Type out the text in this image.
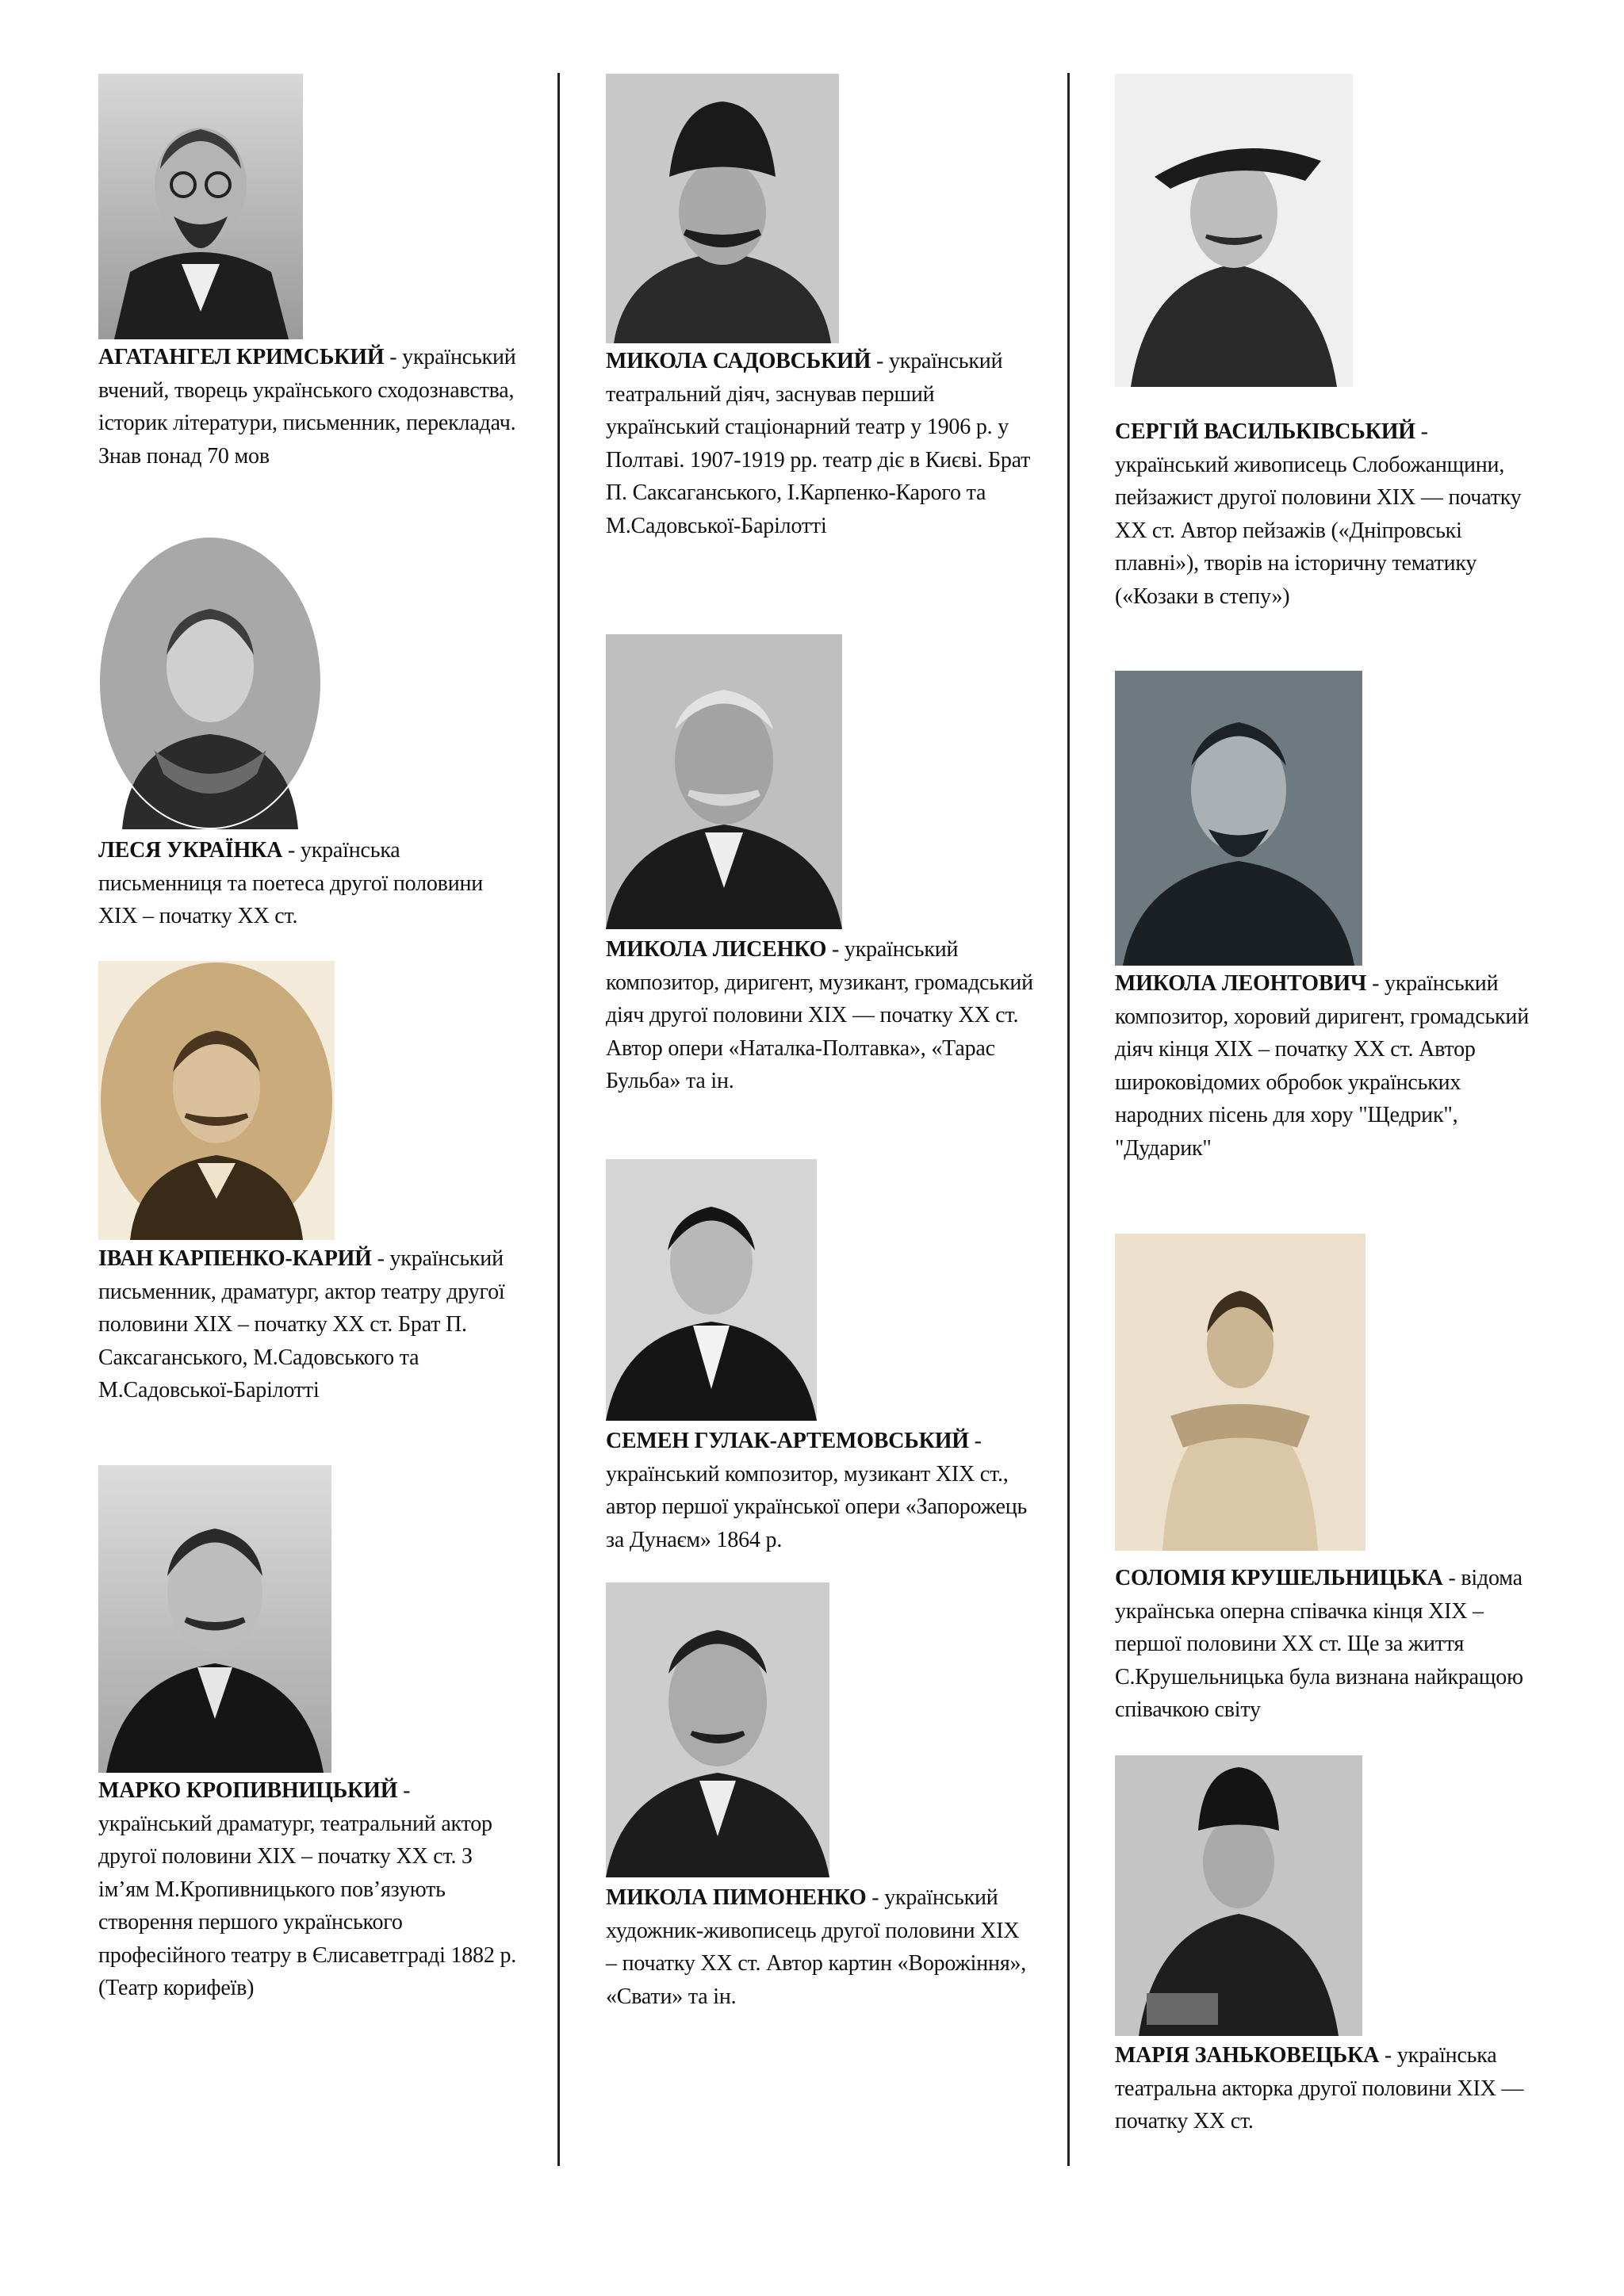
АГАТАНГЕЛ КРИМСЬКИЙ - український вчений, творець українського сходознавства, історик літератури, письменник, перекладач. Знав понад 70 мов
ЛЕСЯ УКРАЇНКА - українська письменниця та поетеса другої половини XIX – початку XX ст.
ІВАН КАРПЕНКО-КАРИЙ - український письменник, драматург, актор театру другої половини XIX – початку XX ст. Брат П. Саксаганського, М.Садовського та М.Садовської-Барілотті
МАРКО КРОПИВНИЦЬКИЙ - український драматург, театральний актор другої половини XIX – початку XX ст. З ім’ям М.Кропивницького пов’язують створення першого українського професійного театру в Єлисаветграді 1882 р. (Театр корифеїв)
МИКОЛА САДОВСЬКИЙ - український театральний діяч, заснував перший український стаціонарний театр у 1906 р. у Полтаві. 1907-1919 рр. театр діє в Києві. Брат П. Саксаганського, І.Карпенко-Карого та М.Садовської-Барілотті
МИКОЛА ЛИСЕНКО - український композитор, диригент, музикант, громадський діяч другої половини XIX — початку XX ст. Автор опери «Наталка-Полтавка», «Тарас Бульба» та ін.
СЕМЕН ГУЛАК-АРТЕМОВСЬКИЙ - український композитор, музикант XIX ст., автор першої української опери «Запорожець за Дунаєм» 1864 р.
МИКОЛА ПИМОНЕНКО - український художник-живописець другої половини XIX – початку XX ст. Автор картин «Ворожіння», «Свати» та ін.
СЕРГІЙ ВАСИЛЬКІВСЬКИЙ - український живописець Слобожанщини, пейзажист другої половини XIX — початку XX ст. Автор пейзажів («Дніпровські плавні»), творів на історичну тематику («Козаки в степу»)
МИКОЛА ЛЕОНТОВИЧ - український композитор, хоровий диригент, громадський діяч кінця XIX – початку XX ст. Автор широковідомих обробок українських народних пісень для хору "Щедрик", "Дударик"
СОЛОМІЯ КРУШЕЛЬНИЦЬКА - відома українська оперна співачка кінця XIX – першої половини XX ст. Ще за життя С.Крушельницька була визнана найкращою співачкою світу
МАРІЯ ЗАНЬКОВЕЦЬКА - українська театральна акторка другої половини XIX — початку XX ст.
